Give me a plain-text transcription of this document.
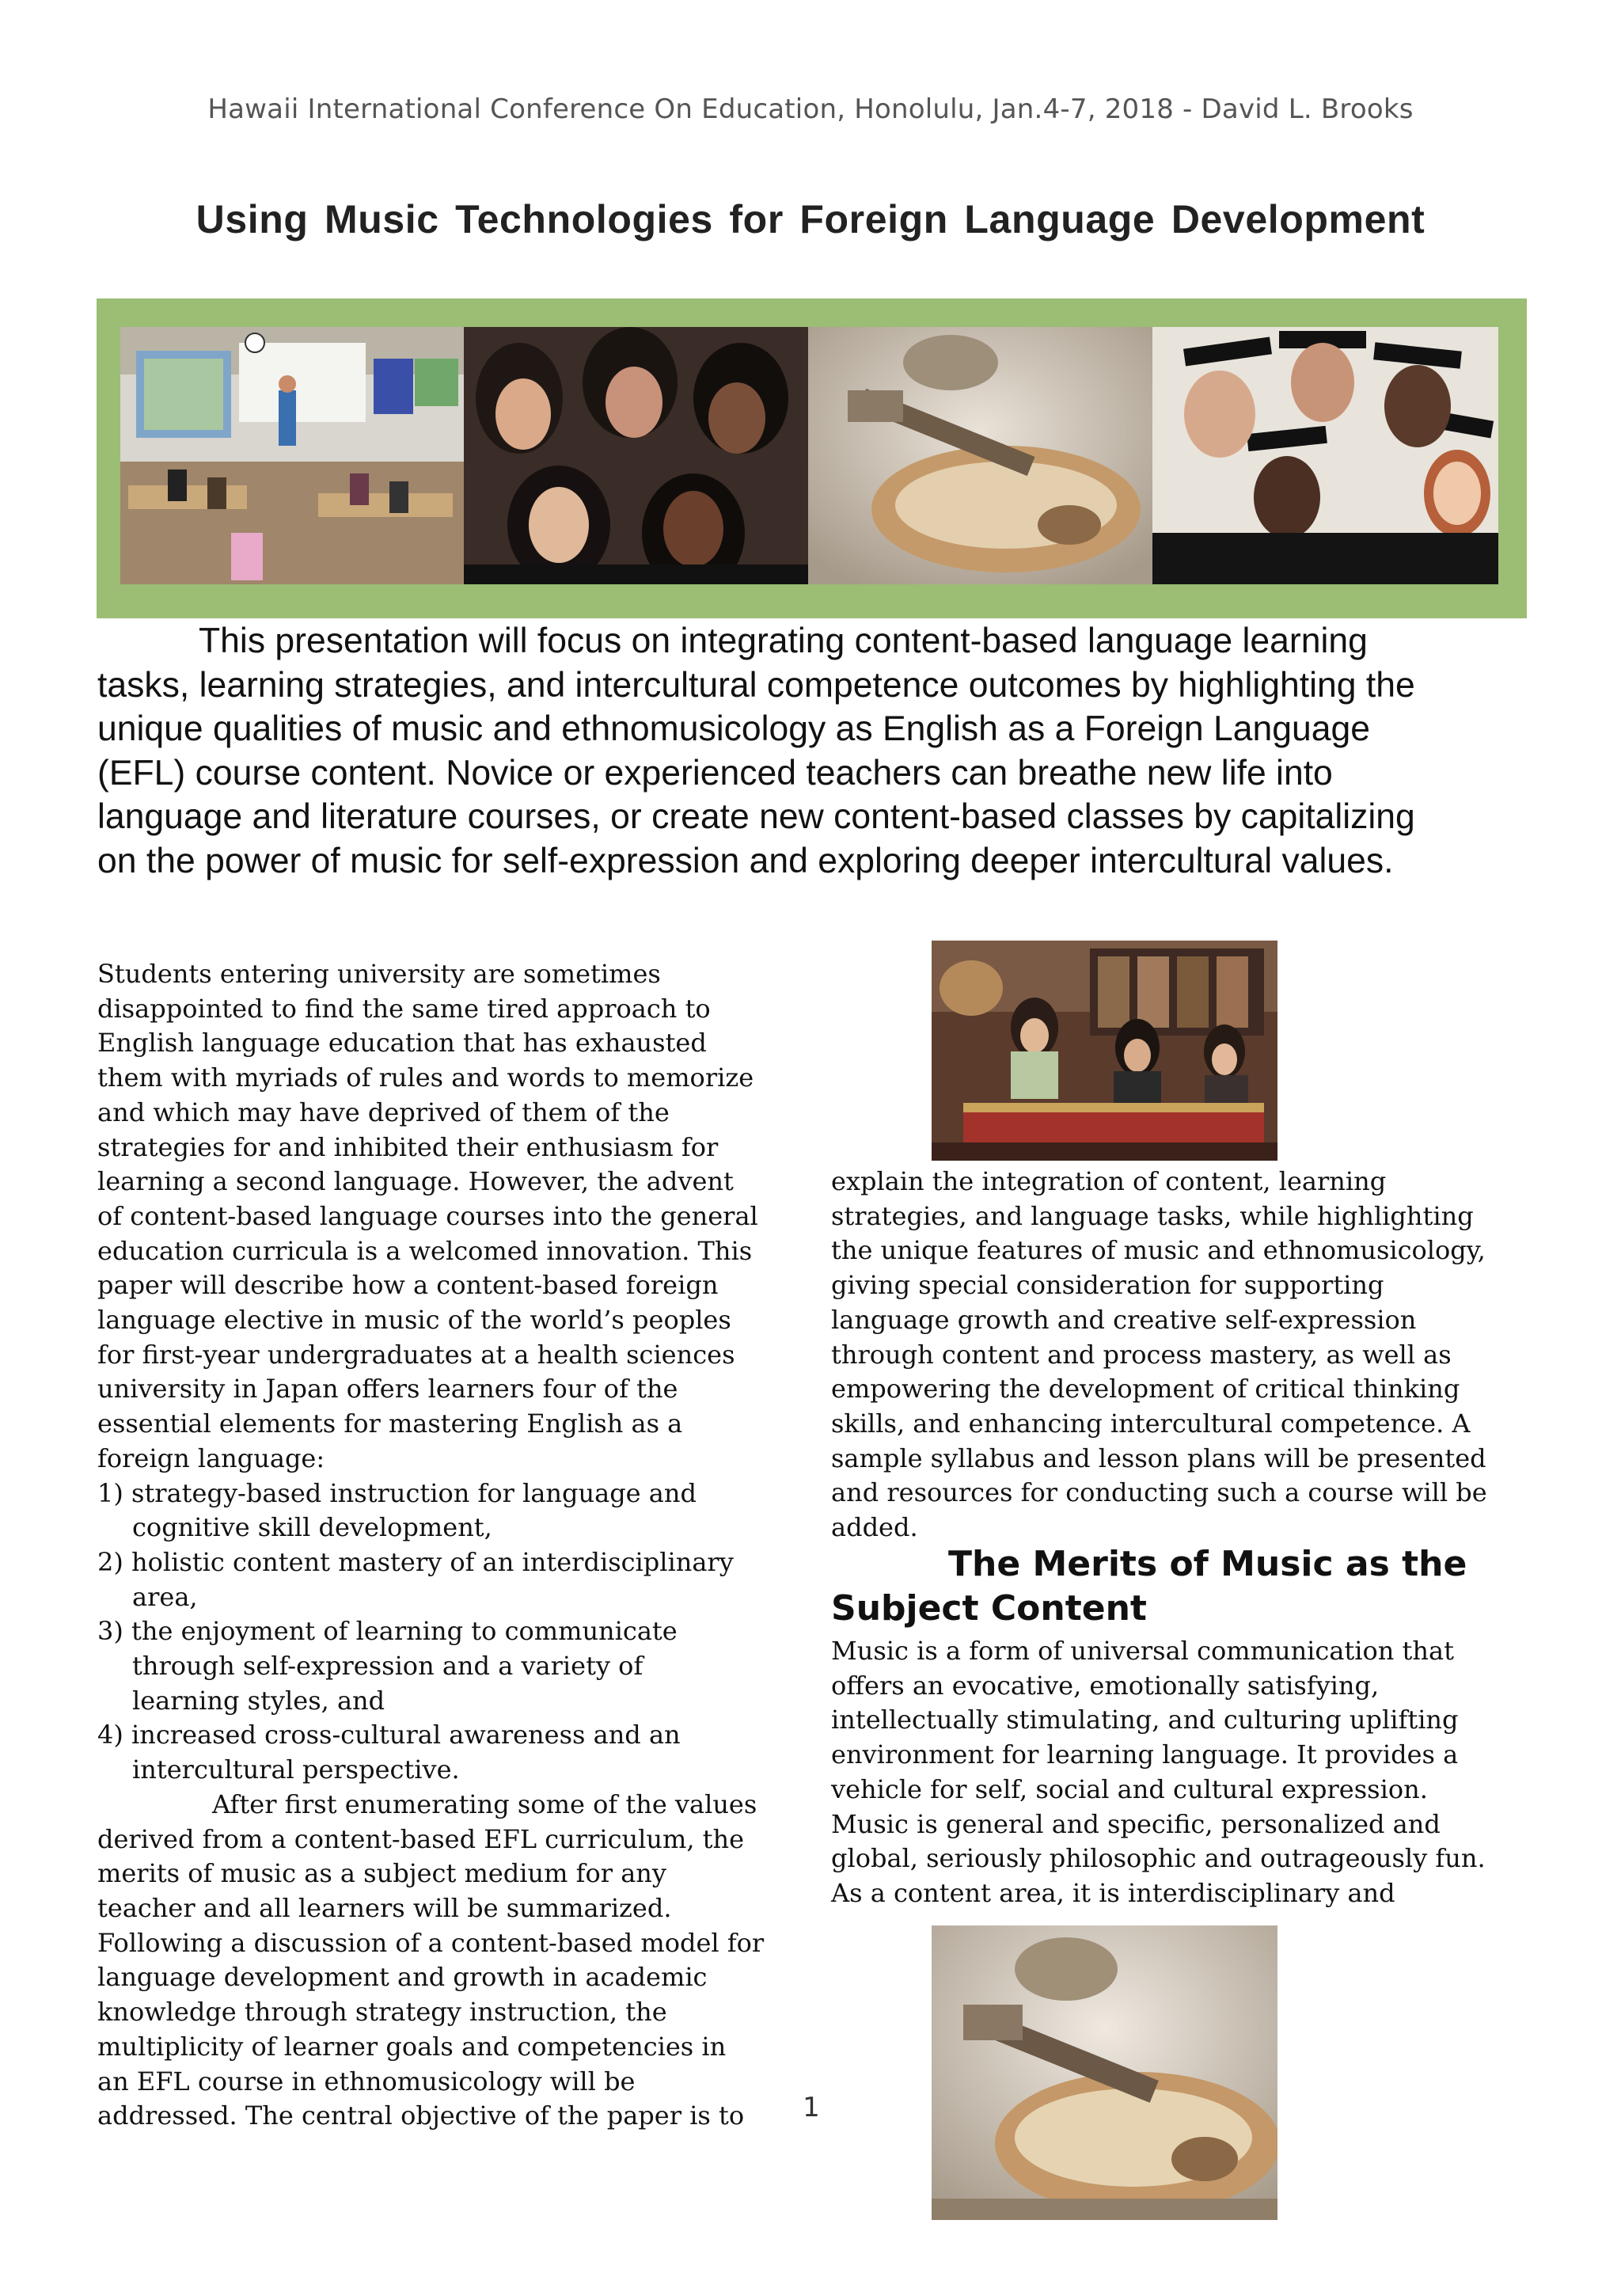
Hawaii International Conference On Education, Honolulu, Jan.4-7, 2018 - David L. Brooks
Using Music Technologies for Foreign Language Development
This presentation will focus on integrating content-based language learning
tasks, learning strategies, and intercultural competence outcomes by highlighting the
unique qualities of music and ethnomusicology as English as a Foreign Language
(EFL) course content. Novice or experienced teachers can breathe new life into
language and literature courses, or create new content-based classes by capitalizing
on the power of music for self-expression and exploring deeper intercultural values.
Students entering university are sometimes
disappointed to find the same tired approach to
English language education that has exhausted
them with myriads of rules and words to memorize
and which may have deprived of them of the
strategies for and inhibited their enthusiasm for
learning a second language. However, the advent
of content-based language courses into the general
education curricula is a welcomed innovation. This
paper will describe how a content-based foreign
language elective in music of the world’s peoples
for first-year undergraduates at a health sciences
university in Japan offers learners four of the
essential elements for mastering English as a
foreign language:
1) strategy-based instruction for language and
cognitive skill development,
2) holistic content mastery of an interdisciplinary
area,
3) the enjoyment of learning to communicate
through self-expression and a variety of
learning styles, and
4) increased cross-cultural awareness and an
intercultural perspective.
After first enumerating some of the values
derived from a content-based EFL curriculum, the
merits of music as a subject medium for any
teacher and all learners will be summarized.
Following a discussion of a content-based model for
language development and growth in academic
knowledge through strategy instruction, the
multiplicity of learner goals and competencies in
an EFL course in ethnomusicology will be
addressed. The central objective of the paper is to
explain the integration of content, learning
strategies, and language tasks, while highlighting
the unique features of music and ethnomusicology,
giving special consideration for supporting
language growth and creative self-expression
through content and process mastery, as well as
empowering the development of critical thinking
skills, and enhancing intercultural competence. A
sample syllabus and lesson plans will be presented
and resources for conducting such a course will be
added.
The Merits of Music as the
Subject Content
Music is a form of universal communication that
offers an evocative, emotionally satisfying,
intellectually stimulating, and culturing uplifting
environment for learning language. It provides a
vehicle for self, social and cultural expression.
Music is general and specific, personalized and
global, seriously philosophic and outrageously fun.
As a content area, it is interdisciplinary and
1
